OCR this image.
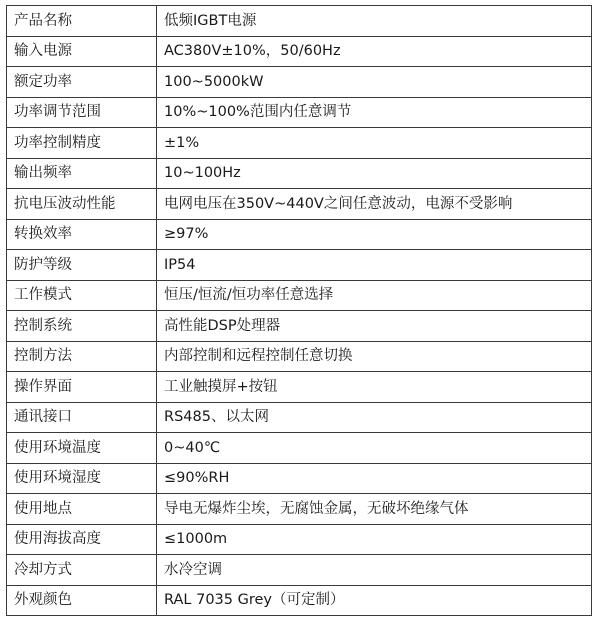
产品名称	低频IGBT电源
输入电源	AC380V±10%，50/60Hz
额定功率	100~5000kW
功率调节范围	10%~100%范围内任意调节
功率控制精度	±1%
输出频率	10~100Hz
抗电压波动性能	电网电压在350V~440V之间任意波动，电源不受影响
转换效率	≥97%
防护等级	IP54
工作模式	恒压/恒流/恒功率任意选择
控制系统	高性能DSP处理器
控制方法	内部控制和远程控制任意切换
操作界面	工业触摸屏+按钮
通讯接口	RS485、以太网
使用环境温度	0~40℃
使用环境湿度	≤90%RH
使用地点	导电无爆炸尘埃，无腐蚀金属，无破坏绝缘气体
使用海拔高度	≤1000m
冷却方式	水冷空调
外观颜色	RAL 7035 Grey（可定制）
